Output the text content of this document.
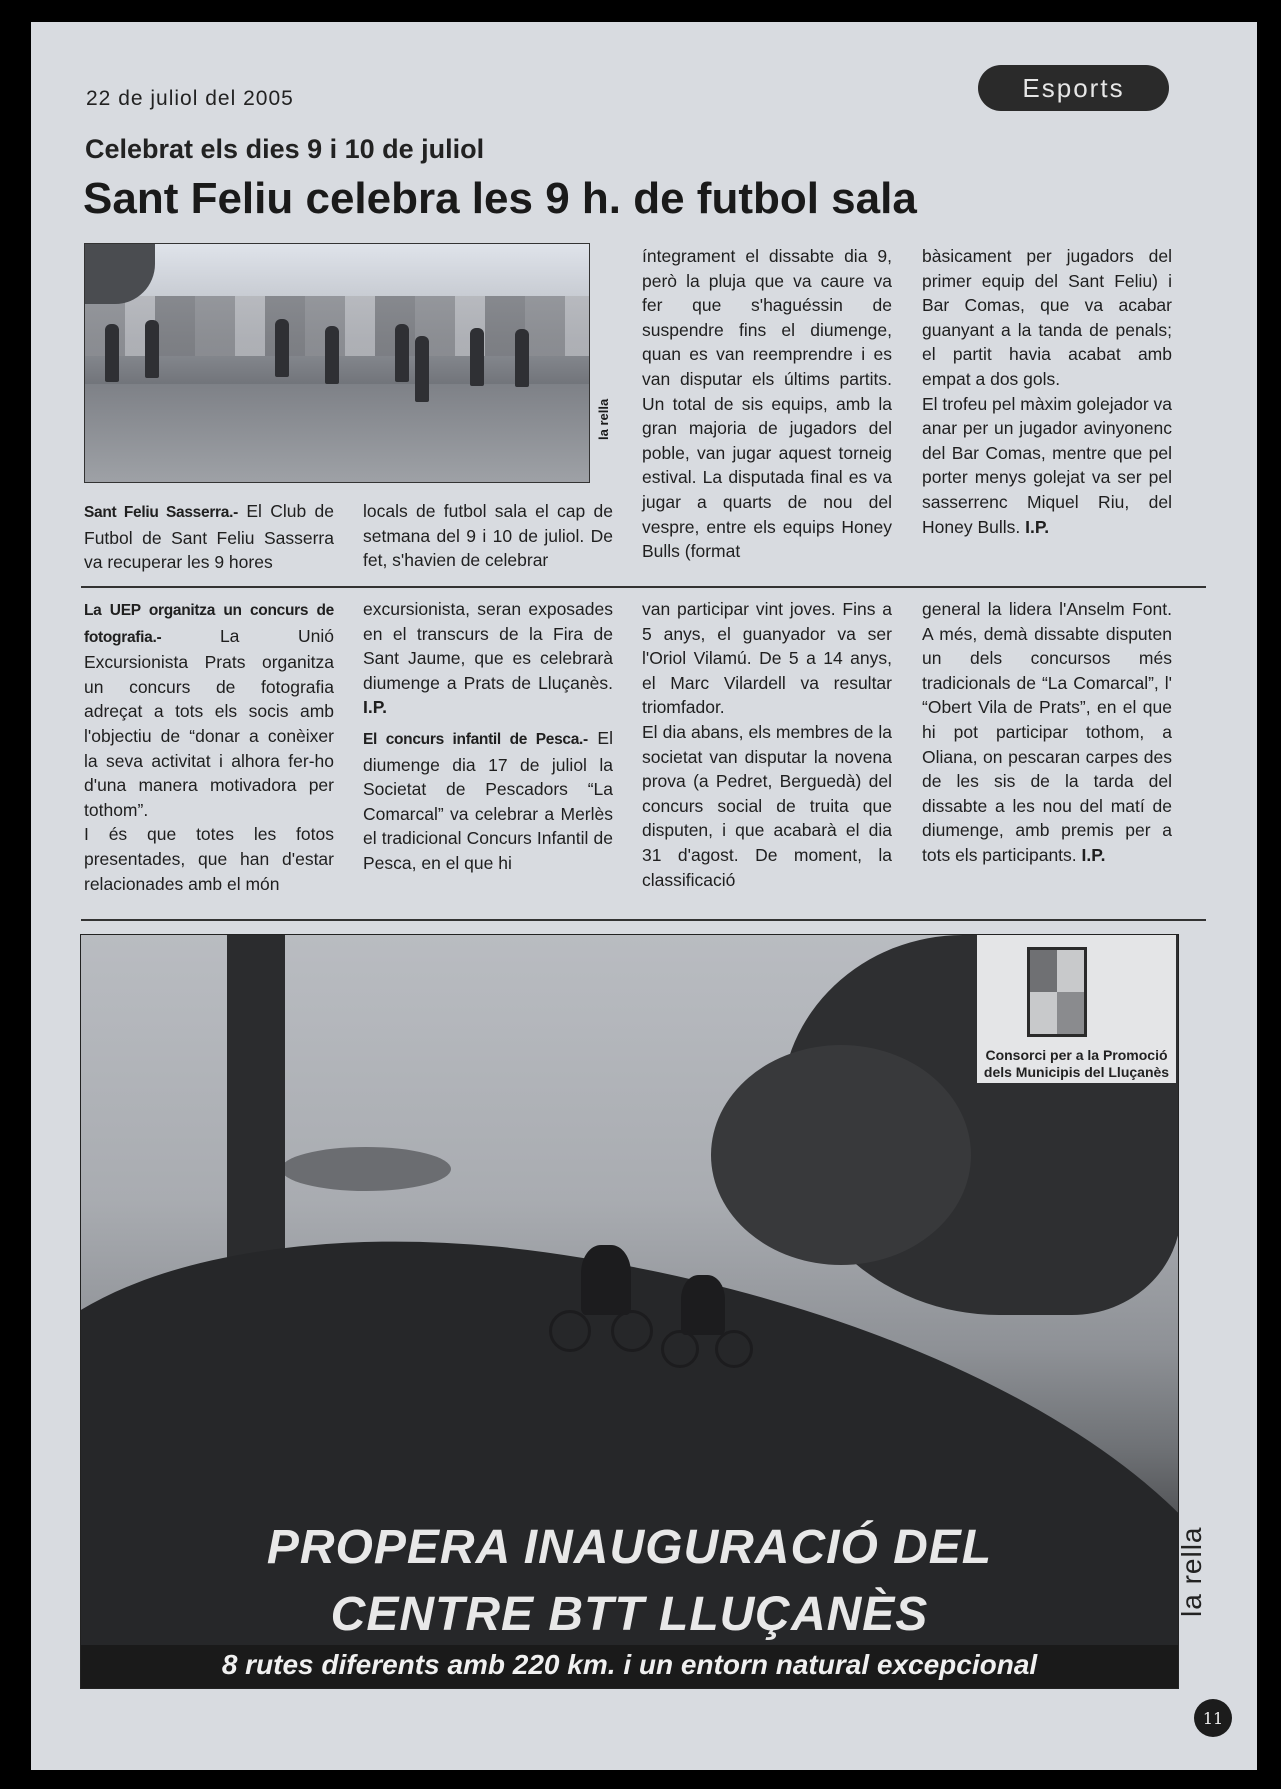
22 de juliol del 2005	Esports
Celebrat els dies 9 i 10 de juliol
Sant Feliu celebra les 9 h. de futbol sala
la rella

Sant Feliu Sasserra.- El Club de Futbol de Sant Feliu Sasserra va recuperar les 9 hores

locals de futbol sala el cap de setmana del 9 i 10 de juliol. De fet, s'havien de celebrar

íntegrament el dissabte dia 9, però la pluja que va caure va fer que s'haguéssin de suspendre fins el diumenge, quan es van reemprendre i es van disputar els últims partits. Un total de sis equips, amb la gran majoria de jugadors del poble, van jugar aquest torneig estival. La disputada final es va jugar a quarts de nou del vespre, entre els equips Honey Bulls (format

bàsicament per jugadors del primer equip del Sant Feliu) i Bar Comas, que va acabar guanyant a la tanda de penals; el partit havia acabat amb empat a dos gols.

El trofeu pel màxim golejador va anar per un jugador avinyonenc del Bar Comas, mentre que pel porter menys golejat va ser pel sasserrenc Miquel Riu, del Honey Bulls. I.P.

La UEP organitza un concurs de fotografia.- La Unió Excursionista Prats organitza un concurs de fotografia adreçat a tots els socis amb l'objectiu de “donar a conèixer la seva activitat i alhora fer-ho d'una manera motivadora per tothom”.

I és que totes les fotos presentades, que han d'estar relacionades amb el món

excursionista, seran exposades en el transcurs de la Fira de Sant Jaume, que es celebrarà diumenge a Prats de Lluçanès. I.P.

El concurs infantil de Pesca.- El diumenge dia 17 de juliol la Societat de Pescadors “La Comarcal” va celebrar a Merlès el tradicional Concurs Infantil de Pesca, en el que hi

van participar vint joves. Fins a 5 anys, el guanyador va ser l'Oriol Vilamú. De 5 a 14 anys, el Marc Vilardell va resultar triomfador.

El dia abans, els membres de la societat van disputar la novena prova (a Pedret, Berguedà) del concurs social de truita que disputen, i que acabarà el dia 31 d'agost. De moment, la classificació

general la lidera l'Anselm Font. A més, demà dissabte disputen un dels concursos més tradicionals de “La Comarcal”, l' “Obert Vila de Prats”, en el que hi pot participar tothom, a Oliana, on pescaran carpes des de les sis de la tarda del dissabte a les nou del matí de diumenge, amb premis per a tots els participants. I.P.

Consorci per a la Promoció
dels Municipis del Lluçanès
PROPERA INAUGURACIÓ DEL
CENTRE BTT LLUÇANÈS
8 rutes diferents amb 220 km. i un entorn natural excepcional
la rella
11
